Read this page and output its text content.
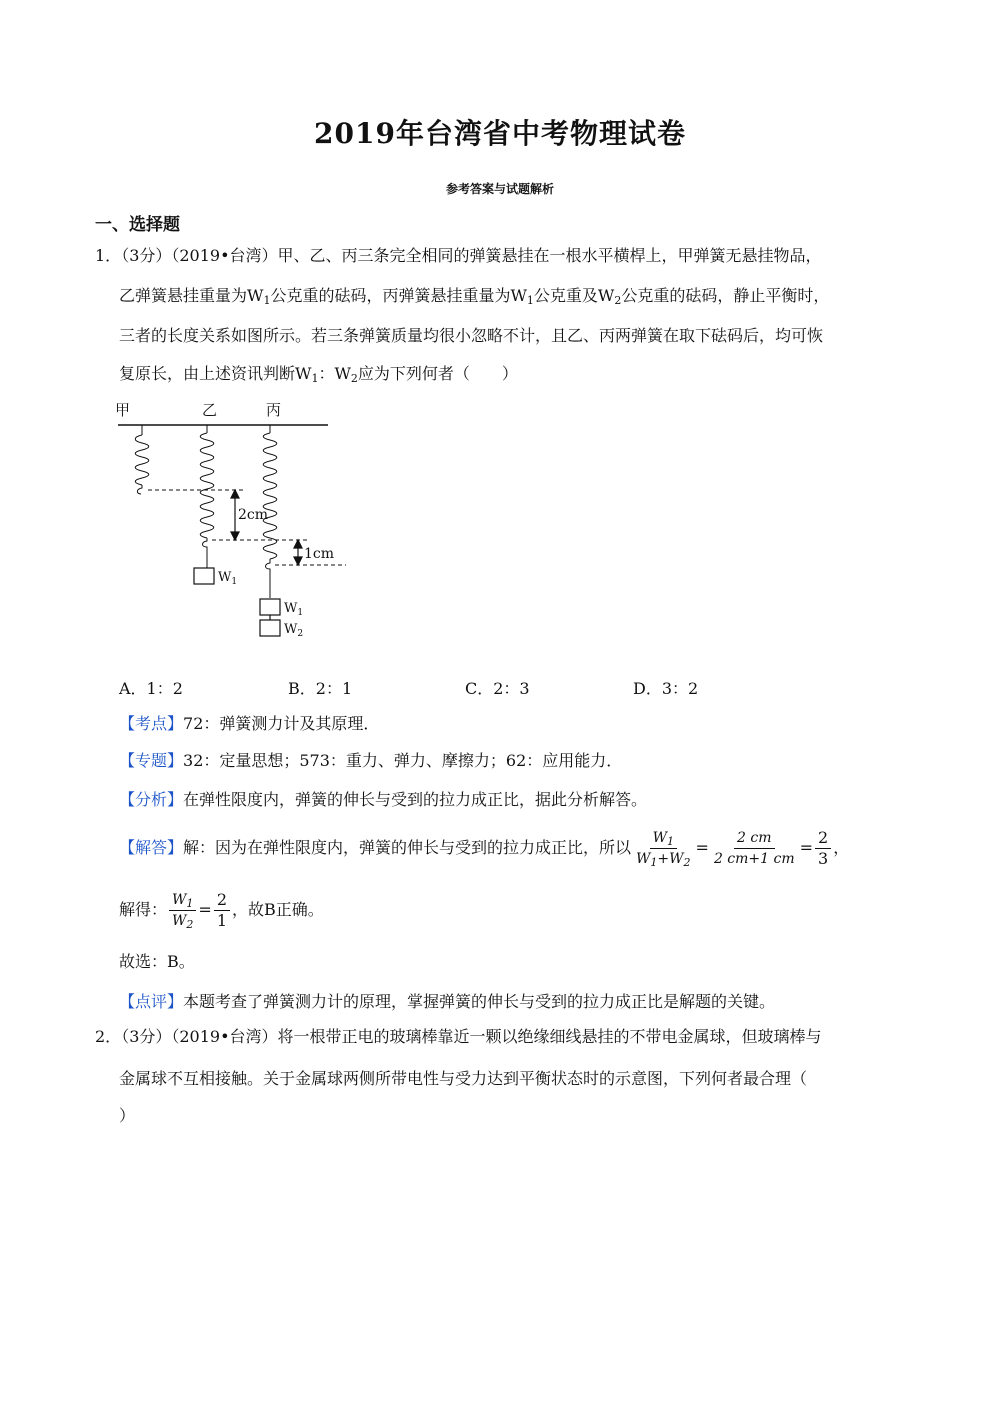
2019年台湾省中考物理试卷
参考答案与试题解析
一、选择题
1．（3分）（2019•台湾）甲、乙、丙三条完全相同的弹簧悬挂在一根水平横桿上，甲弹簧无悬挂物品，
乙弹簧悬挂重量为$W_1$公克重的砝码，丙弹簧悬挂重量为$W_1$公克重及$W_2$公克重的砝码，静止平衡时，
三者的长度关系如图所示。若三条弹簧质量均很小忽略不计，且乙、丙两弹簧在取下砝码后，均可恢
复原长，由上述资讯判断$W_1$：$W_2$应为下列何者（　　）
甲	乙	丙
2cm
1cm
$W_1$
$W_1$
$W_2$
A．1：2	B．2：1	C．2：3	D．3：2
【考点】72：弹簧测力计及其原理．
【专题】32：定量思想；573：重力、弹力、摩擦力；62：应用能力．
【分析】在弹性限度内，弹簧的伸长与受到的拉力成正比，据此分析解答。
【解答】 解：因为在弹性限度内，弹簧的伸长与受到的拉力成正比，所以 $\frac{W_1}{W_1+W_2} = \frac{2 cm}{2 cm+1 cm} = \frac{2}{3}$ ，
解得： $\frac{W_1}{W_2} = \frac{2}{1}$ ，故B正确。
故选：B。
【点评】本题考查了弹簧测力计的原理，掌握弹簧的伸长与受到的拉力成正比是解题的关键。
2．（3分）（2019•台湾）将一根带正电的玻璃棒靠近一颗以绝缘细线悬挂的不带电金属球，但玻璃棒与
金属球不互相接触。关于金属球两侧所带电性与受力达到平衡状态时的示意图，下列何者最合理（
）
